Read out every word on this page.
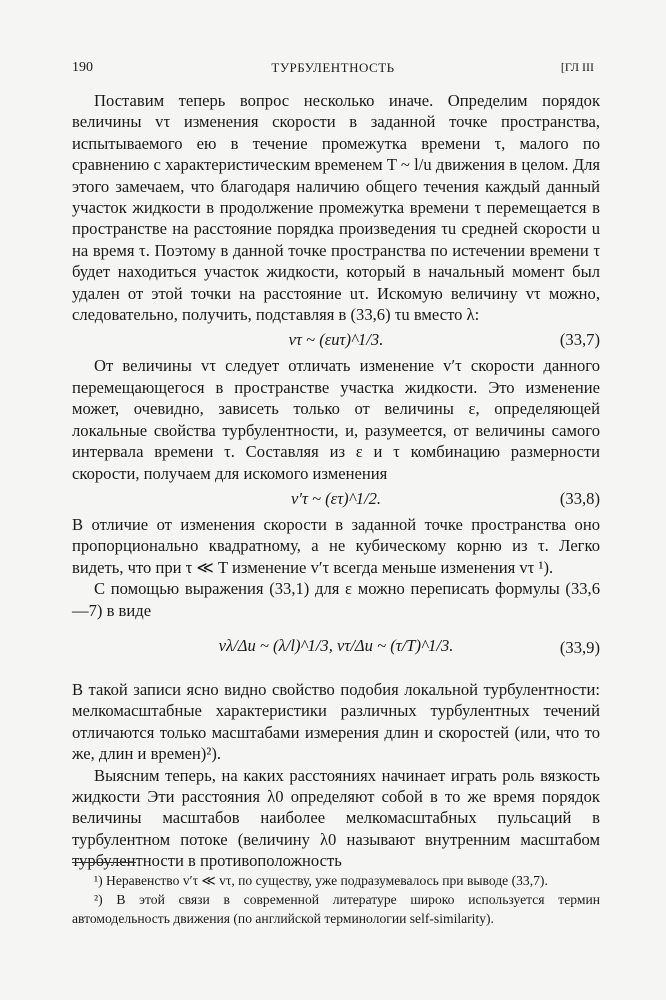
190	ТУРБУЛЕНТНОСТЬ	[ГЛ III

Поставим теперь вопрос несколько иначе. Определим порядок величины vτ изменения скорости в заданной точке пространства, испытываемого ею в течение промежутка времени τ, малого по сравнению с характеристическим временем T ~ l/u движения в целом. Для этого замечаем, что благодаря наличию общего течения каждый данный участок жидкости в продолжение промежутка времени τ перемещается в пространстве на расстояние порядка произведения τu средней скорости u на время τ. Поэтому в данной точке пространства по истечении времени τ будет находиться участок жидкости, который в начальный момент был удален от этой точки на расстояние uτ. Искомую величину vτ можно, следовательно, получить, подставляя в (33,6) τu вместо λ:

vτ ~ (εuτ)^1/3.	(33,7)

От величины vτ следует отличать изменение v′τ скорости данного перемещающегося в пространстве участка жидкости. Это изменение может, очевидно, зависеть только от величины ε, определяющей локальные свойства турбулентности, и, разумеется, от величины самого интервала времени τ. Составляя из ε и τ комбинацию размерности скорости, получаем для искомого изменения

v′τ ~ (ετ)^1/2.	(33,8)

В отличие от изменения скорости в заданной точке пространства оно пропорционально квадратному, а не кубическому корню из τ. Легко видеть, что при τ ≪ T изменение v′τ всегда меньше изменения vτ ¹).

С помощью выражения (33,1) для ε можно переписать формулы (33,6—7) в виде

vλ/Δu ~ (λ/l)^1/3, vτ/Δu ~ (τ/T)^1/3.	(33,9)

В такой записи ясно видно свойство подобия локальной турбулентности: мелкомасштабные характеристики различных турбулентных течений отличаются только масштабами измерения длин и скоростей (или, что то же, длин и времен)²).

Выясним теперь, на каких расстояниях начинает играть роль вязкость жидкости Эти расстояния λ0 определяют собой в то же время порядок величины масштабов наиболее мелкомасштабных пульсаций в турбулентном потоке (величину λ0 называют внутренним масштабом турбулентности в противоположность

¹) Неравенство v′τ ≪ vτ, по существу, уже подразумевалось при выводе (33,7).

²) В этой связи в современной литературе широко используется термин автомодельность движения (по английской терминологии self-similarity).
